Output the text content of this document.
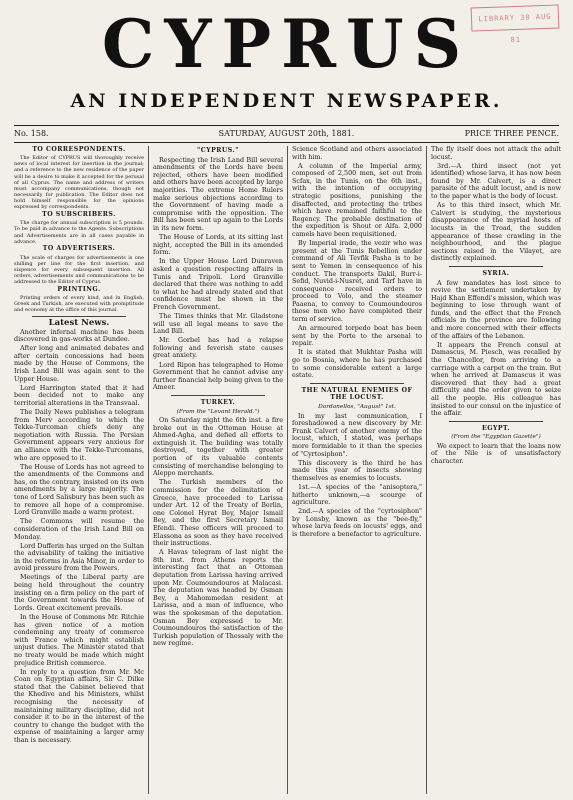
LIBRARY 30 AUG 81
CYPRUS
AN INDEPENDENT NEWSPAPER.
No. 158.	SATURDAY, AUGUST 20th, 1881.	PRICE THREE PENCE.
TO CORRESPONDENTS.

The Editor of CYPRUS will thoroughly receive news of local interest for insertion in the journal; and a reference to the new residence of the paper will be a desire to make it accepted for the perusal of all Cyprus. The name and address of writers must accompany communications, though not necessarily for publication. The Editor does not hold himself responsible for the opinions expressed by correspondents.

TO SUBSCRIBERS.

The charge for annual subscription is 5 pounds. To be paid in advance to the Agents. Subscriptions and Advertisements are in all cases payable in advance.

TO ADVERTISERS.

The scale of charges for advertisements is one shilling per line for the first insertion, and sixpence for every subsequent insertion. All orders, advertisements and communications to be addressed to the Editor of Cyprus.

PRINTING.

Printing orders of every kind, and in English, Greek and Turkish, are executed with promptitude and economy at the office of this journal.

Latest News.

Another infernal machine has been discovered in gas-works at Dundee.

After long and animated debates and after certain concessions had been made by the House of Commons, the Irish Land Bill was again sent to the Upper House.

Lord Harrington stated that it had been decided not to make any territorial alterations in the Transvaal.

The Daily News publishes a telegram from Merv according to which the Tekke-Turcoman chiefs deny any negotiation with Russia. The Persian Government appears very anxious for an alliance with the Tekke-Turcomans, who are opposed to it.

The House of Lords has not agreed to the amendments of the Commons and has, on the contrary, insisted on its own amendments by a large majority. The tone of Lord Salisbury has been such as to remove all hope of a compromise. Lord Granville made a warm protest.

The Commons will resume the consideration of the Irish Land Bill on Monday.

Lord Dufferin has urged on the Sultan the advisability of taking the initiative in the reforms in Asia Minor, in order to avoid pressure from the Powers.

Meetings of the Liberal party are being held throughout the country insisting on a firm policy on the part of the Government towards the House of Lords. Great excitement prevails.

In the House of Commons Mr. Ritchie has given notice of a motion condemning any treaty of commerce with France which might establish unjust duties. The Minister stated that no treaty would be made which might prejudice British commerce.

In reply to a question from Mr. Mc Coan on Egyptian affairs, Sir C. Dilke stated that the Cabinet believed that the Khedive and his Ministers, whilst recognising the necessity of maintaining military discipline, did not consider it to be in the interest of the country to change the budget with the expense of maintaining a larger army than is necessary.

"CYPRUS."

Respecting the Irish Land Bill several amendments of the Lords have been rejected, others have been modified and others have been accepted by large majorities. The extreme Home Rulers make serious objections according to the Government of having made a compromise with the opposition. The Bill has been sent up again to the Lords in its new form.

The House of Lords, at its sitting last night, accepted the Bill in its amended form.

In the Upper House Lord Dunraven asked a question respecting affairs in Tunis and Tripoli. Lord Granville declared that there was nothing to add to what he had already stated and that confidence must be shown in the French Government.

The Times thinks that Mr. Gladstone will use all legal means to save the Land Bill.

Mr. Gorbel has had a relapse following and feverish state causes great anxiety.

Lord Ripon has telegraphed to Home Government that he cannot advise any further financial help being given to the Ameer.

TURKEY.
(From the "Levant Herald.")

On Saturday night the 6th inst. a fire broke out in the Ottoman House at Ahmed-Agha, and defied all efforts to extinguish it. The building was totally destroyed, together with greater portion of its valuable contents consisting of merchandise belonging to Aleppo merchants.

The Turkish members of the commission for the delimitation of Greece, have proceeded to Larissa under Art. 12 of the Treaty of Berlin, one Colonel Hyrat Bey, Major Ismail Bey, and the first Secretary Ismail Efendi. These officers will proceed to Elassona as soon as they have received their instructions.

A Havas telegram of last night the 8th inst. from Athens reports the interesting fact that an Ottoman deputation from Larissa having arrived upon Mr. Coumoundouros at Malacasi. The deputation was headed by Osman Bey, a Mahommedan resident at Larissa, and a man of influence, who was the spokesman of the deputation. Osman Bey expressed to Mr. Coumoundouros the satisfaction of the Turkish population of Thessaly with the new regime.

Science Scotland and others associated with him.

A column of the Imperial army, composed of 2,500 men, set out from Scfax, in the Tunis, on the 6th inst., with the intention of occupying strategic positions, punishing the disaffected, and protecting the tribes which have remained faithful to the Regency. The probable destination of the expedition is Shout or Alfa. 2,000 camels have been requisitioned.

By Imperial irade, the vezir who was present at the Tunis Rebellion under command of Ali Tevfik Pasha is to be sent to Yemen in consequence of his conduct. The transports Dakil, Burr-i-Sefid, Nuvid-i-Nusret, and Tarf have in consequence received orders to proceed to Volo, and the steamer Paaena, to convey to Coumoundouros those men who have completed their term of service.

An armoured torpedo boat has been sent by the Porte to the arsenal to repair.

It is stated that Mukhtar Pasha will go to Bosnia, where he has purchased to some considerable extent a large estate.

THE NATURAL ENEMIES OF THE LOCUST.
Dardanellos, "August" 1st.

In my last communication, I foreshadowed a new discovery by Mr. Frank Calvert of another enemy of the locust, which, I stated, was perhaps more formidable to it than the species of "Cyrtosiphon".

This discovery is the third he has made this year of insects showing themselves as enemies to locusts.

1st.—A species of the "anisoptera," hitherto unknown,—a scourge of agriculture.

2nd.—A species of the "cyrtosiphon" by Lonsby, known as the "bee-fly," whose larva feeds on locusts' eggs, and is therefore a benefactor to agriculture.

The fly itself does not attack the adult locust.

3rd.—A third insect (not yet identified) whose larva, it has now been found by Mr. Calvert, is a direct parasite of the adult locust, and is now to the paper what is the body of locust.

As to this third insect, which Mr. Calvert is studying, the mysterious disappearance of the myriad hosts of locusts in the Troad, the sudden appearance of these crawling in the neighbourhood, and the plague sections raised in the Vilayet, are distinctly explained.

SYRIA.

A few mandates has lost since to revive the settlement undertaken by Hajd Khan Effendi's mission, which was beginning to lose through want of funds, and the effect that the French officials in the province are following and more concerned with their effects of the affairs of the Lebanon.

It appears the French consul at Damascus, M. Piesch, was recalled by the Chancellor, from arriving to a carriage with a carpet on the train. But when he arrived at Damascus it was discovered that they had a great difficulty and the order given to seize all the people. His colleague has insisted to our consul on the injustice of the affair.

EGYPT.
(From the "Egyptian Gazette")

We expect to learn that the loans now of the Nile is of unsatisfactory character.
